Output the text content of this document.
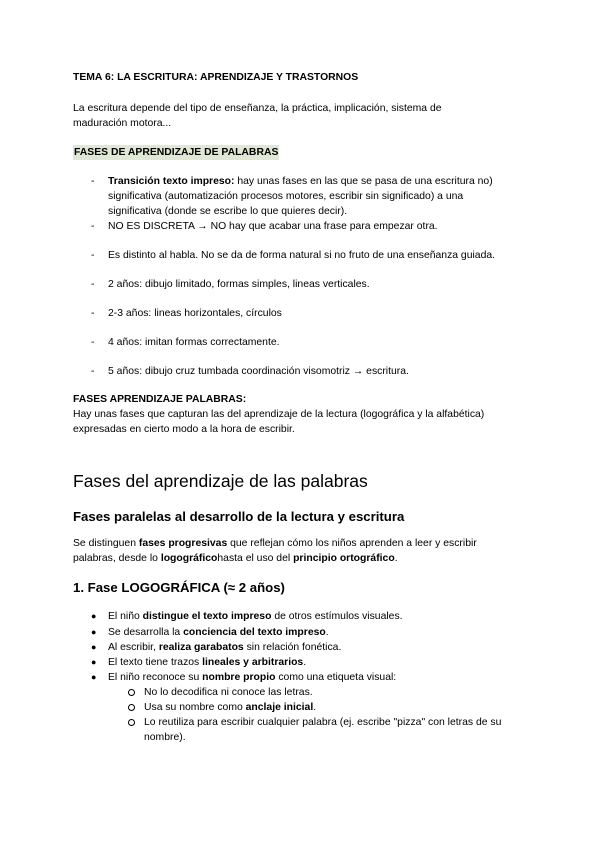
TEMA 6: LA ESCRITURA: APRENDIZAJE Y TRASTORNOS
La escritura depende del tipo de enseñanza, la práctica, implicación, sistema de
maduración motora...
FASES DE APRENDIZAJE DE PALABRAS
- Transición texto impreso: hay unas fases en las que se pasa de una escritura no)
significativa (automatización procesos motores, escribir sin significado) a una
significativa (donde se escribe lo que quieres decir).
- NO ES DISCRETA → NO hay que acabar una frase para empezar otra.
- Es distinto al habla. No se da de forma natural si no fruto de una enseñanza guiada.
- 2 años: dibujo limitado, formas simples, lineas verticales.
- 2-3 años: lineas horizontales, círculos
- 4 años: imitan formas correctamente.
- 5 años: dibujo cruz tumbada coordinación visomotriz → escritura.
FASES APRENDIZAJE PALABRAS:
Hay unas fases que capturan las del aprendizaje de la lectura (logográfica y la alfabética)
expresadas en cierto modo a la hora de escribir.
Fases del aprendizaje de las palabras
Fases paralelas al desarrollo de la lectura y escritura
Se distinguen fases progresivas que reflejan cómo los niños aprenden a leer y escribir
palabras, desde lo logográficohasta el uso del principio ortográfico.
1. Fase LOGOGRÁFICA (≈ 2 años)
● El niño distingue el texto impreso de otros estímulos visuales.
● Se desarrolla la conciencia del texto impreso.
● Al escribir, realiza garabatos sin relación fonética.
● El texto tiene trazos lineales y arbitrarios.
● El niño reconoce su nombre propio como una etiqueta visual:
No lo decodifica ni conoce las letras.
Usa su nombre como anclaje inicial.
Lo reutiliza para escribir cualquier palabra (ej. escribe "pizza" con letras de su
nombre).
